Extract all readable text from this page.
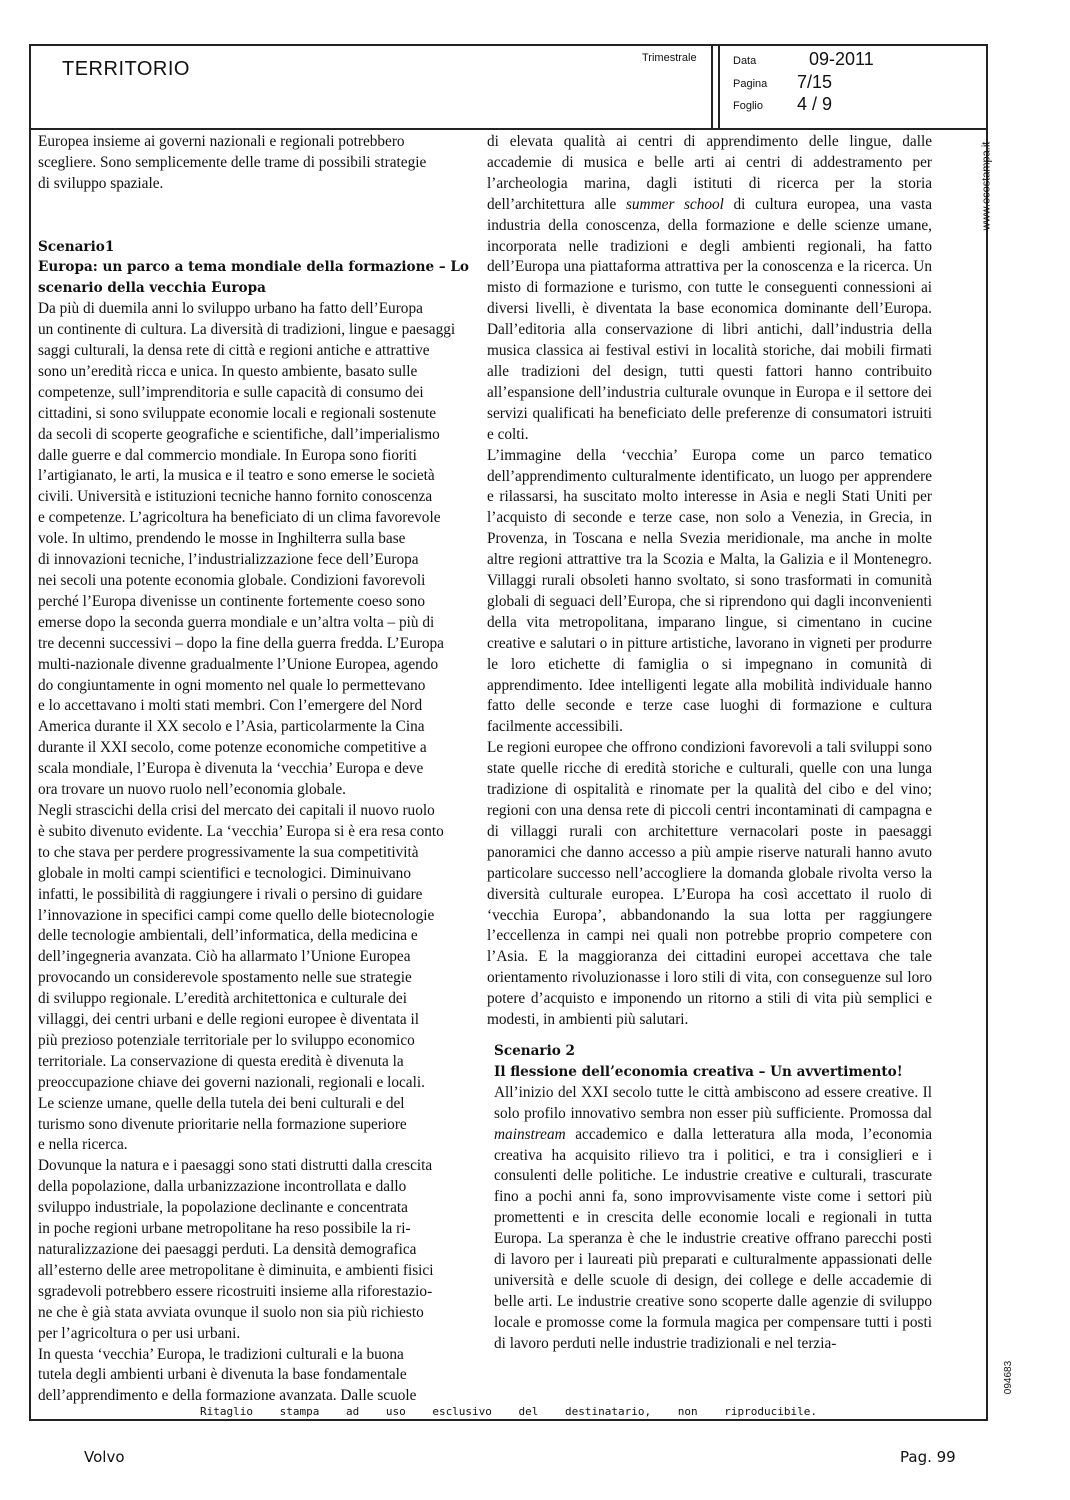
TERRITORIO	Trimestrale	Data	09-2011
Pagina 7/15
Foglio 4 / 9

Europea insieme ai governi nazionali e regionali potrebbero

scegliere. Sono semplicemente delle trame di possibili strategie

di sviluppo spaziale.

Scenario1

Europa: un parco a tema mondiale della formazione – Lo

scenario della vecchia Europa

Da più di duemila anni lo sviluppo urbano ha fatto dell’Europa

un continente di cultura. La diversità di tradizioni, lingue e paesaggi

saggi culturali, la densa rete di città e regioni antiche e attrattive

sono un’eredità ricca e unica. In questo ambiente, basato sulle

competenze, sull’imprenditoria e sulle capacità di consumo dei

cittadini, si sono sviluppate economie locali e regionali sostenute

da secoli di scoperte geografiche e scientifiche, dall’imperialismo

dalle guerre e dal commercio mondiale. In Europa sono fioriti

l’artigianato, le arti, la musica e il teatro e sono emerse le società

civili. Università e istituzioni tecniche hanno fornito conoscenza

e competenze. L’agricoltura ha beneficiato di un clima favorevole

vole. In ultimo, prendendo le mosse in Inghilterra sulla base

di innovazioni tecniche, l’industrializzazione fece dell’Europa

nei secoli una potente economia globale. Condizioni favorevoli

perché l’Europa divenisse un continente fortemente coeso sono

emerse dopo la seconda guerra mondiale e un’altra volta – più di

tre decenni successivi – dopo la fine della guerra fredda. L’Europa

multi-nazionale divenne gradualmente l’Unione Europea, agendo

do congiuntamente in ogni momento nel quale lo permettevano

e lo accettavano i molti stati membri. Con l’emergere del Nord

America durante il XX secolo e l’Asia, particolarmente la Cina

durante il XXI secolo, come potenze economiche competitive a

scala mondiale, l’Europa è divenuta la ‘vecchia’ Europa e deve

ora trovare un nuovo ruolo nell’economia globale.

Negli strascichi della crisi del mercato dei capitali il nuovo ruolo

è subito divenuto evidente. La ‘vecchia’ Europa si è era resa conto

to che stava per perdere progressivamente la sua competitività

globale in molti campi scientifici e tecnologici. Diminuivano

infatti, le possibilità di raggiungere i rivali o persino di guidare

l’innovazione in specifici campi come quello delle biotecnologie

delle tecnologie ambientali, dell’informatica, della medicina e

dell’ingegneria avanzata. Ciò ha allarmato l’Unione Europea

provocando un considerevole spostamento nelle sue strategie

di sviluppo regionale. L’eredità architettonica e culturale dei

villaggi, dei centri urbani e delle regioni europee è diventata il

più prezioso potenziale territoriale per lo sviluppo economico

territoriale. La conservazione di questa eredità è divenuta la

preoccupazione chiave dei governi nazionali, regionali e locali.

Le scienze umane, quelle della tutela dei beni culturali e del

turismo sono divenute prioritarie nella formazione superiore

e nella ricerca.

Dovunque la natura e i paesaggi sono stati distrutti dalla crescita

della popolazione, dalla urbanizzazione incontrollata e dallo

sviluppo industriale, la popolazione declinante e concentrata

in poche regioni urbane metropolitane ha reso possibile la ri-

naturalizzazione dei paesaggi perduti. La densità demografica

all’esterno delle aree metropolitane è diminuita, e ambienti fisici

sgradevoli potrebbero essere ricostruiti insieme alla riforestazio-

ne che è già stata avviata ovunque il suolo non sia più richiesto

per l’agricoltura o per usi urbani.

In questa ‘vecchia’ Europa, le tradizioni culturali e la buona

tutela degli ambienti urbani è divenuta la base fondamentale

dell’apprendimento e della formazione avanzata. Dalle scuole

di elevata qualità ai centri di apprendimento delle lingue, dalle accademie di musica e belle arti ai centri di addestramento per l’archeologia marina, dagli istituti di ricerca per la storia dell’architettura alle summer school di cultura europea, una vasta industria della conoscenza, della formazione e delle scienze umane, incorporata nelle tradizioni e degli ambienti regionali, ha fatto dell’Europa una piattaforma attrattiva per la conoscenza e la ricerca. Un misto di formazione e turismo, con tutte le conseguenti connessioni ai diversi livelli, è diventata la base economica dominante dell’Europa. Dall’editoria alla conservazione di libri antichi, dall’industria della musica classica ai festival estivi in località storiche, dai mobili firmati alle tradizioni del design, tutti questi fattori hanno contribuito all’espansione dell’industria culturale ovunque in Europa e il settore dei servizi qualificati ha beneficiato delle preferenze di consumatori istruiti e colti.

L’immagine della ‘vecchia’ Europa come un parco tematico dell’apprendimento culturalmente identificato, un luogo per apprendere e rilassarsi, ha suscitato molto interesse in Asia e negli Stati Uniti per l’acquisto di seconde e terze case, non solo a Venezia, in Grecia, in Provenza, in Toscana e nella Svezia meridionale, ma anche in molte altre regioni attrattive tra la Scozia e Malta, la Galizia e il Montenegro. Villaggi rurali obsoleti hanno svoltato, si sono trasformati in comunità globali di seguaci dell’Europa, che si riprendono qui dagli inconvenienti della vita metropolitana, imparano lingue, si cimentano in cucine creative e salutari o in pitture artistiche, lavorano in vigneti per produrre le loro etichette di famiglia o si impegnano in comunità di apprendimento. Idee intelligenti legate alla mobilità individuale hanno fatto delle seconde e terze case luoghi di formazione e cultura facilmente accessibili.

Le regioni europee che offrono condizioni favorevoli a tali sviluppi sono state quelle ricche di eredità storiche e culturali, quelle con una lunga tradizione di ospitalità e rinomate per la qualità del cibo e del vino; regioni con una densa rete di piccoli centri incontaminati di campagna e di villaggi rurali con architetture vernacolari poste in paesaggi panoramici che danno accesso a più ampie riserve naturali hanno avuto particolare successo nell’accogliere la domanda globale rivolta verso la diversità culturale europea. L’Europa ha così accettato il ruolo di ‘vecchia Europa’, abbandonando la sua lotta per raggiungere l’eccellenza in campi nei quali non potrebbe proprio competere con l’Asia. E la maggioranza dei cittadini europei accettava che tale orientamento rivoluzionasse i loro stili di vita, con conseguenze sul loro potere d’acquisto e imponendo un ritorno a stili di vita più semplici e modesti, in ambienti più salutari.

Scenario 2

Il flessione dell’economia creativa – Un avvertimento!

All’inizio del XXI secolo tutte le città ambiscono ad essere creative. Il solo profilo innovativo sembra non esser più sufficiente. Promossa dal mainstream accademico e dalla letteratura alla moda, l’economia creativa ha acquisito rilievo tra i politici, e tra i consiglieri e i consulenti delle politiche. Le industrie creative e culturali, trascurate fino a pochi anni fa, sono improvvisamente viste come i settori più promettenti e in crescita delle economie locali e regionali in tutta Europa. La speranza è che le industrie creative offrano parecchi posti di lavoro per i laureati più preparati e culturalmente appassionati delle università e delle scuole di design, dei college e delle accademie di belle arti. Le industrie creative sono scoperte dalle agenzie di sviluppo locale e promosse come la formula magica per compensare tutti i posti di lavoro perduti nelle industrie tradizionali e nel terzia-

Ritaglio stampa ad uso esclusivo del destinatario, non riproducibile.
www.ecostampa.it
094683
Volvo	Pag. 99
